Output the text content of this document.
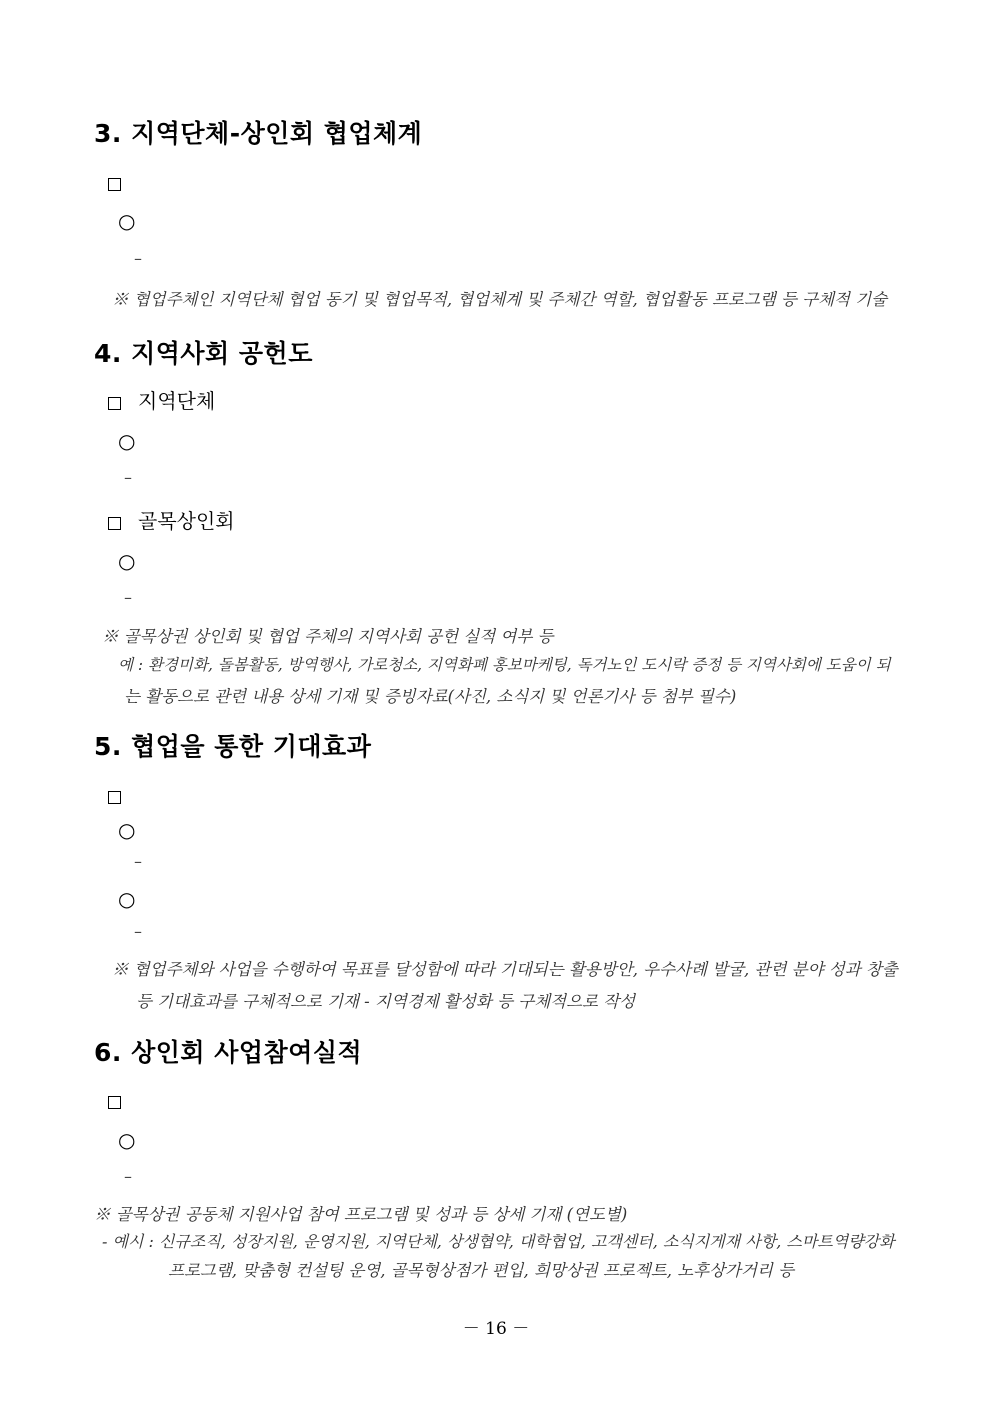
3. 지역단체-상인회 협업체계
○
–
※ 협업주체인 지역단체 협업 동기 및 협업목적, 협업체계 및 주체간 역할, 협업활동 프로그램 등 구체적 기술
4. 지역사회 공헌도
지역단체
○
–
골목상인회
○
–
※ 골목상권 상인회 및 협업 주체의 지역사회 공헌 실적 여부 등
예 : 환경미화, 돌봄활동, 방역행사, 가로청소, 지역화폐 홍보마케팅, 독거노인 도시락 증정 등 지역사회에 도움이 되
는 활동으로 관련 내용 상세 기재 및 증빙자료(사진, 소식지 및 언론기사 등 첨부 필수)
5. 협업을 통한 기대효과
○
–
○
–
※ 협업주체와 사업을 수행하여 목표를 달성함에 따라 기대되는 활용방안, 우수사례 발굴, 관련 분야 성과 창출
등 기대효과를 구체적으로 기재 - 지역경제 활성화 등 구체적으로 작성
6. 상인회 사업참여실적
○
–
※ 골목상권 공동체 지원사업 참여 프로그램 및 성과 등 상세 기재 (연도별)
- 예시 : 신규조직, 성장지원, 운영지원, 지역단체, 상생협약, 대학협업, 고객센터, 소식지게재 사항, 스마트역량강화
프로그램, 맞춤형 컨설팅 운영, 골목형상점가 편입, 희망상권 프로젝트, 노후상가거리 등
－ 16 －
